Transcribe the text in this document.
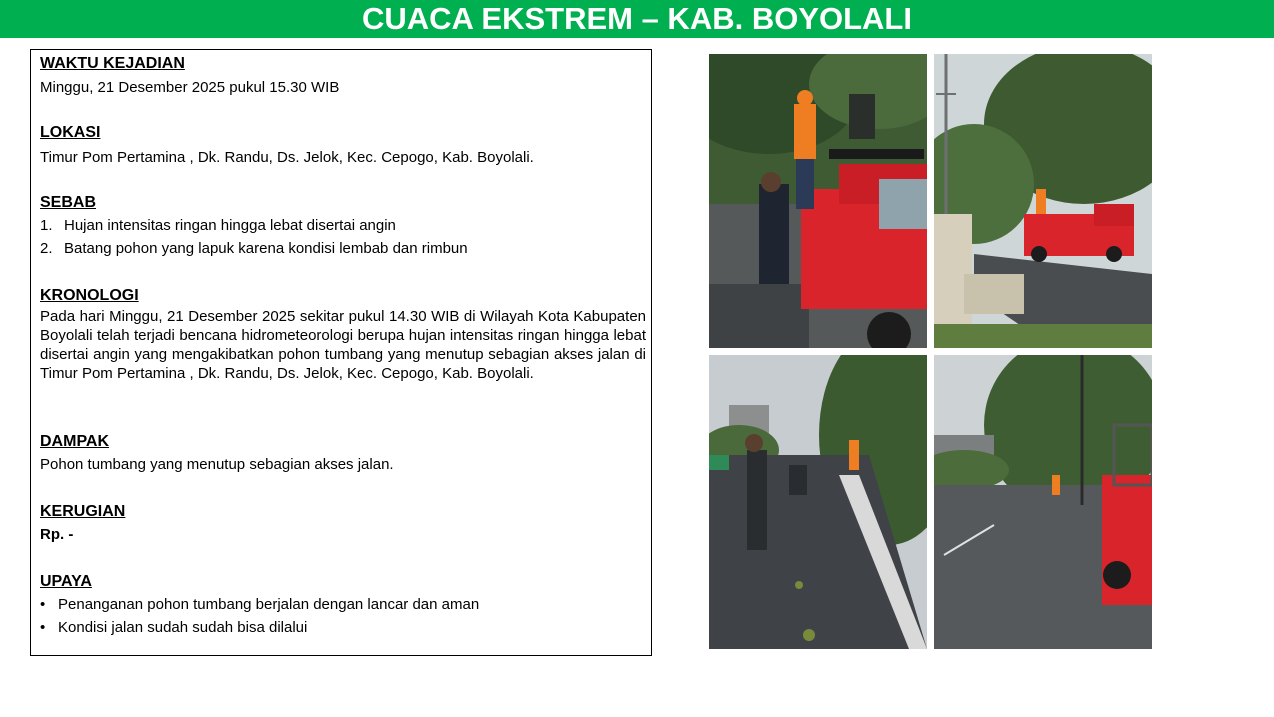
CUACA EKSTREM – KAB. BOYOLALI
WAKTU KEJADIAN
Minggu, 21 Desember 2025 pukul 15.30 WIB
LOKASI
Timur Pom Pertamina , Dk. Randu, Ds. Jelok, Kec. Cepogo, Kab. Boyolali.
SEBAB
1. Hujan intensitas ringan hingga lebat disertai angin
2. Batang pohon yang lapuk karena kondisi lembab dan rimbun
KRONOLOGI
Pada hari Minggu, 21 Desember 2025 sekitar pukul 14.30 WIB di Wilayah Kota Kabupaten Boyolali telah terjadi bencana hidrometeorologi berupa hujan intensitas ringan hingga lebat disertai angin yang mengakibatkan pohon tumbang yang menutup sebagian akses jalan di Timur Pom Pertamina , Dk. Randu, Ds. Jelok, Kec. Cepogo, Kab. Boyolali.
DAMPAK
Pohon tumbang yang menutup sebagian akses jalan.
KERUGIAN
Rp. -
UPAYA
• Penanganan pohon tumbang berjalan dengan lancar dan aman
• Kondisi jalan sudah sudah bisa dilalui
